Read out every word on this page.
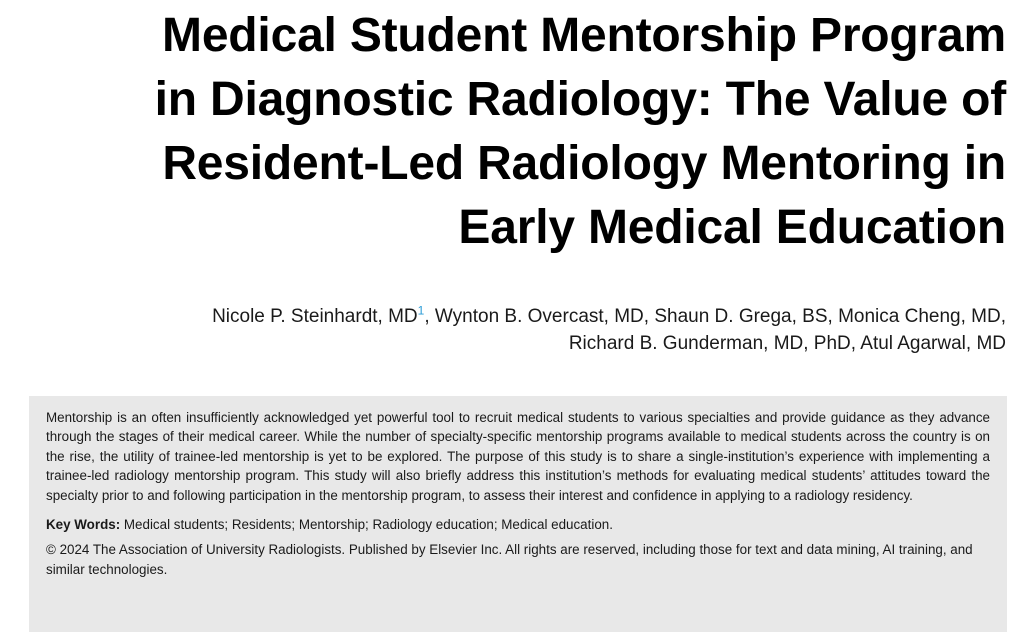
Medical Student Mentorship Program
in Diagnostic Radiology: The Value of
Resident-Led Radiology Mentoring in
Early Medical Education
Nicole P. Steinhardt, MD$^1$, Wynton B. Overcast, MD, Shaun D. Grega, BS, Monica Cheng, MD,
Richard B. Gunderman, MD, PhD, Atul Agarwal, MD

Mentorship is an often insufficiently acknowledged yet powerful tool to recruit medical students to various specialties and provide guidance as they advance through the stages of their medical career. While the number of specialty-specific mentorship programs available to medical students across the country is on the rise, the utility of trainee-led mentorship is yet to be explored. The purpose of this study is to share a single-institution’s experience with implementing a trainee-led radiology mentorship program. This study will also briefly address this institution’s methods for evaluating medical students’ attitudes toward the specialty prior to and following participation in the mentorship program, to assess their interest and confidence in applying to a radiology residency.

Key Words: Medical students; Residents; Mentorship; Radiology education; Medical education.

© 2024 The Association of University Radiologists. Published by Elsevier Inc. All rights are reserved, including those for text and data mining, AI training, and similar technologies.
